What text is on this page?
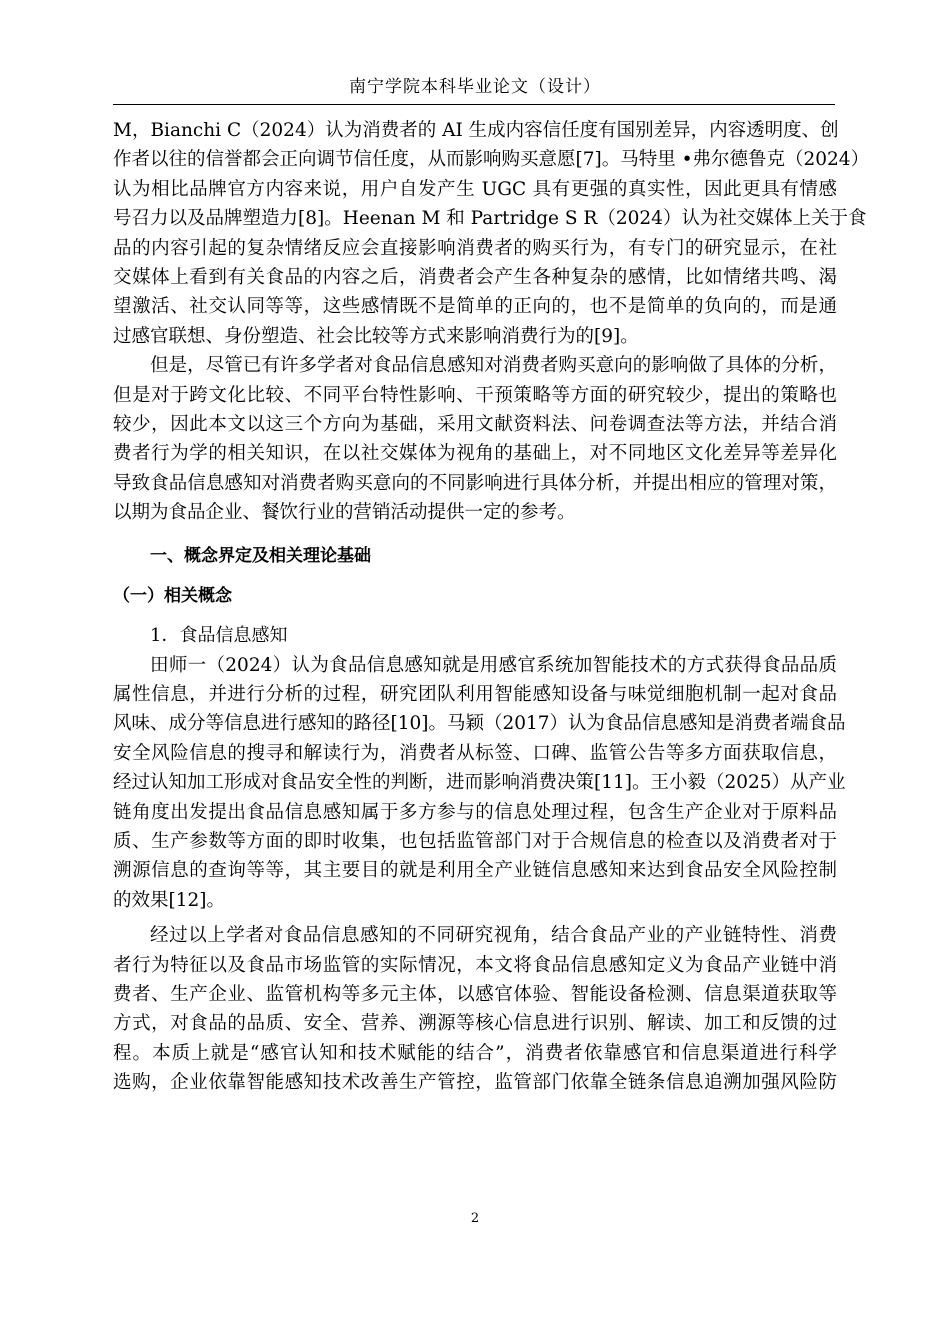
南宁学院本科毕业论文（设计）
M，Bianchi C（2024）认为消费者的 AI 生成内容信任度有国别差异，内容透明度、创
作者以往的信誉都会正向调节信任度，从而影响购买意愿[7]。马特里 •弗尔德鲁克（2024）
认为相比品牌官方内容来说，用户自发产生 UGC 具有更强的真实性，因此更具有情感
号召力以及品牌塑造力[8]。Heenan M 和 Partridge S R（2024）认为社交媒体上关于食
品的内容引起的复杂情绪反应会直接影响消费者的购买行为，有专门的研究显示，在社
交媒体上看到有关食品的内容之后，消费者会产生各种复杂的感情，比如情绪共鸣、渴
望激活、社交认同等等，这些感情既不是简单的正向的，也不是简单的负向的，而是通
过感官联想、身份塑造、社会比较等方式来影响消费行为的[9]。
但是，尽管已有许多学者对食品信息感知对消费者购买意向的影响做了具体的分析，
但是对于跨文化比较、不同平台特性影响、干预策略等方面的研究较少，提出的策略也
较少，因此本文以这三个方向为基础，采用文献资料法、问卷调查法等方法，并结合消
费者行为学的相关知识，在以社交媒体为视角的基础上，对不同地区文化差异等差异化
导致食品信息感知对消费者购买意向的不同影响进行具体分析，并提出相应的管理对策，
以期为食品企业、餐饮行业的营销活动提供一定的参考。
一、概念界定及相关理论基础
（一）相关概念
1．食品信息感知
田师一（2024）认为食品信息感知就是用感官系统加智能技术的方式获得食品品质
属性信息，并进行分析的过程，研究团队利用智能感知设备与味觉细胞机制一起对食品
风味、成分等信息进行感知的路径[10]。马颖（2017）认为食品信息感知是消费者端食品
安全风险信息的搜寻和解读行为，消费者从标签、口碑、监管公告等多方面获取信息，
经过认知加工形成对食品安全性的判断，进而影响消费决策[11]。王小毅（2025）从产业
链角度出发提出食品信息感知属于多方参与的信息处理过程，包含生产企业对于原料品
质、生产参数等方面的即时收集，也包括监管部门对于合规信息的检查以及消费者对于
溯源信息的查询等等，其主要目的就是利用全产业链信息感知来达到食品安全风险控制
的效果[12]。
经过以上学者对食品信息感知的不同研究视角，结合食品产业的产业链特性、消费
者行为特征以及食品市场监管的实际情况，本文将食品信息感知定义为食品产业链中消
费者、生产企业、监管机构等多元主体，以感官体验、智能设备检测、信息渠道获取等
方式，对食品的品质、安全、营养、溯源等核心信息进行识别、解读、加工和反馈的过
程。本质上就是“感官认知和技术赋能的结合”，消费者依靠感官和信息渠道进行科学
选购，企业依靠智能感知技术改善生产管控，监管部门依靠全链条信息追溯加强风险防
2
